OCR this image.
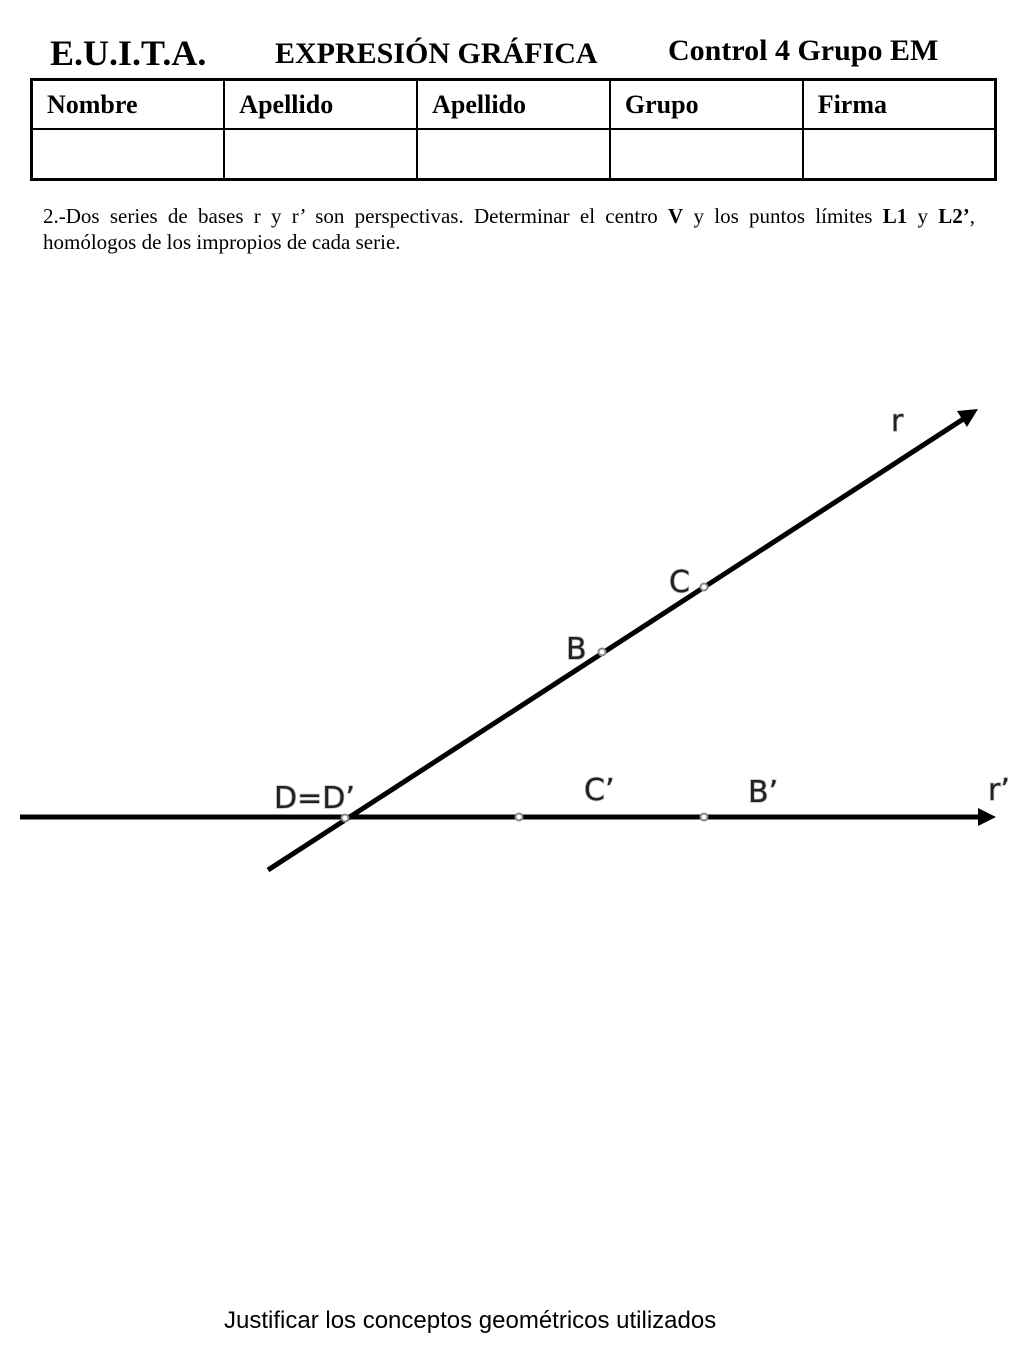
E.U.I.T.A. EXPRESIÓN GRÁFICA Control 4 Grupo EM
Nombre	Apellido	Apellido	Grupo	Firma

2.-Dos series de bases r y r’ son perspectivas. Determinar el centro V y los puntos límites L1 y L2’, homólogos de los impropios de cada serie.
r
C
B
D=D’	C’	B’	r’
Justificar los conceptos geométricos utilizados
